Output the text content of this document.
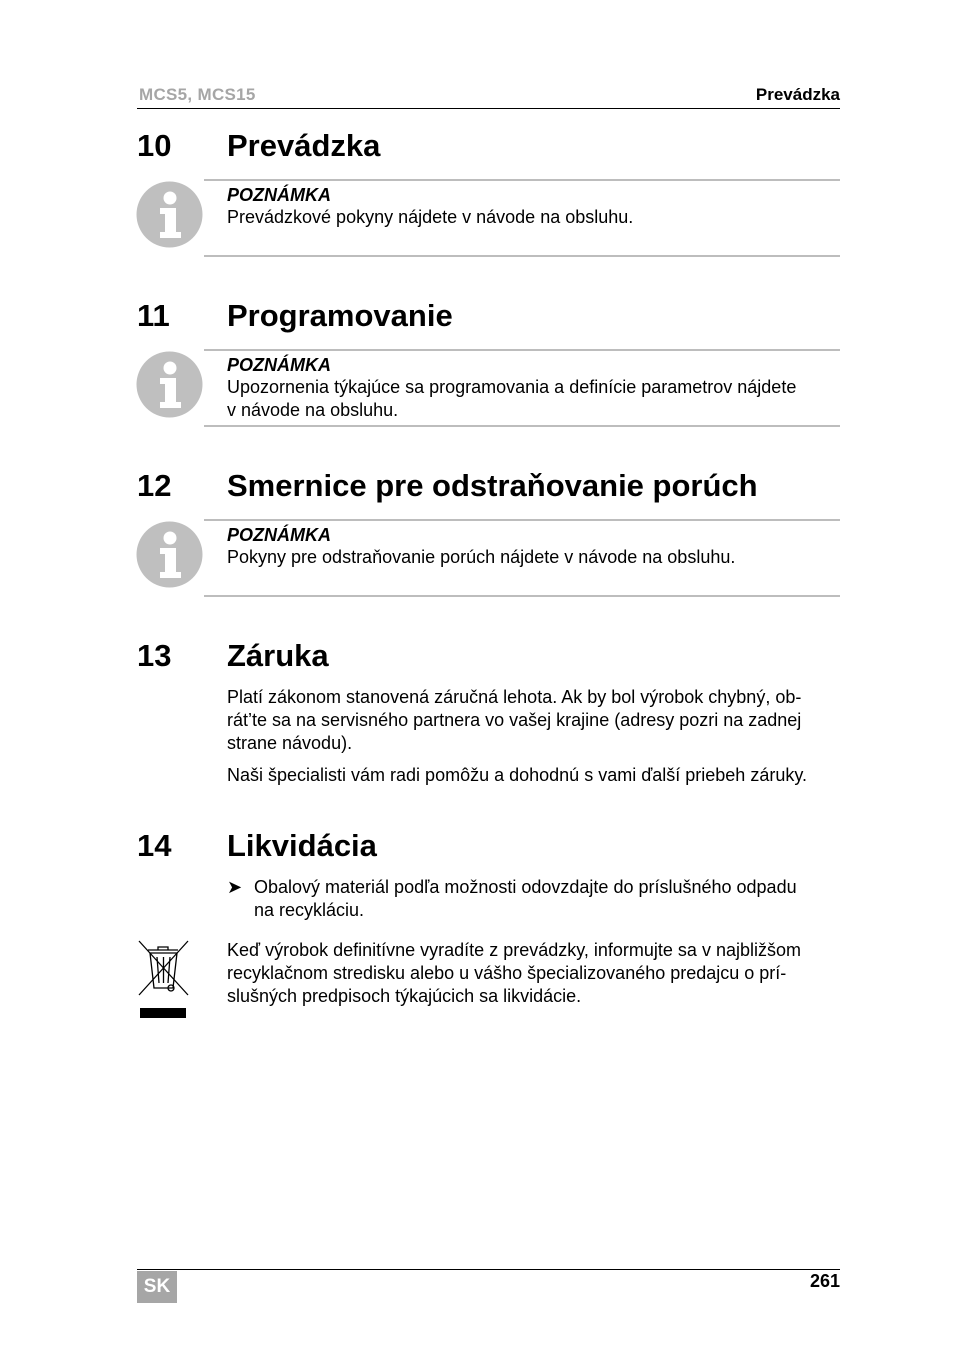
MCS5, MCS15	Prevádzka
10 Prevádzka
POZNÁMKA
Prevádzkové pokyny nájdete v návode na obsluhu.
11 Programovanie
POZNÁMKA
Upozornenia týkajúce sa programovania a definície parametrov nájdete
v návode na obsluhu.
12 Smernice pre odstraňovanie porúch
POZNÁMKA
Pokyny pre odstraňovanie porúch nájdete v návode na obsluhu.
13 Záruka
Platí zákonom stanovená záručná lehota. Ak by bol výrobok chybný, ob-
rát’te sa na servisného partnera vo vašej krajine (adresy pozri na zadnej
strane návodu).
Naši špecialisti vám radi pomôžu a dohodnú s vami ďalší priebeh záruky.
14 Likvidácia
➤ Obalový materiál podľa možnosti odovzdajte do príslušného odpadu
na recykláciu.
Keď výrobok definitívne vyradíte z prevádzky, informujte sa v najbližšom
recyklačnom stredisku alebo u vášho špecializovaného predajcu o prí-
slušných predpisoch týkajúcich sa likvidácie.
SK	261
